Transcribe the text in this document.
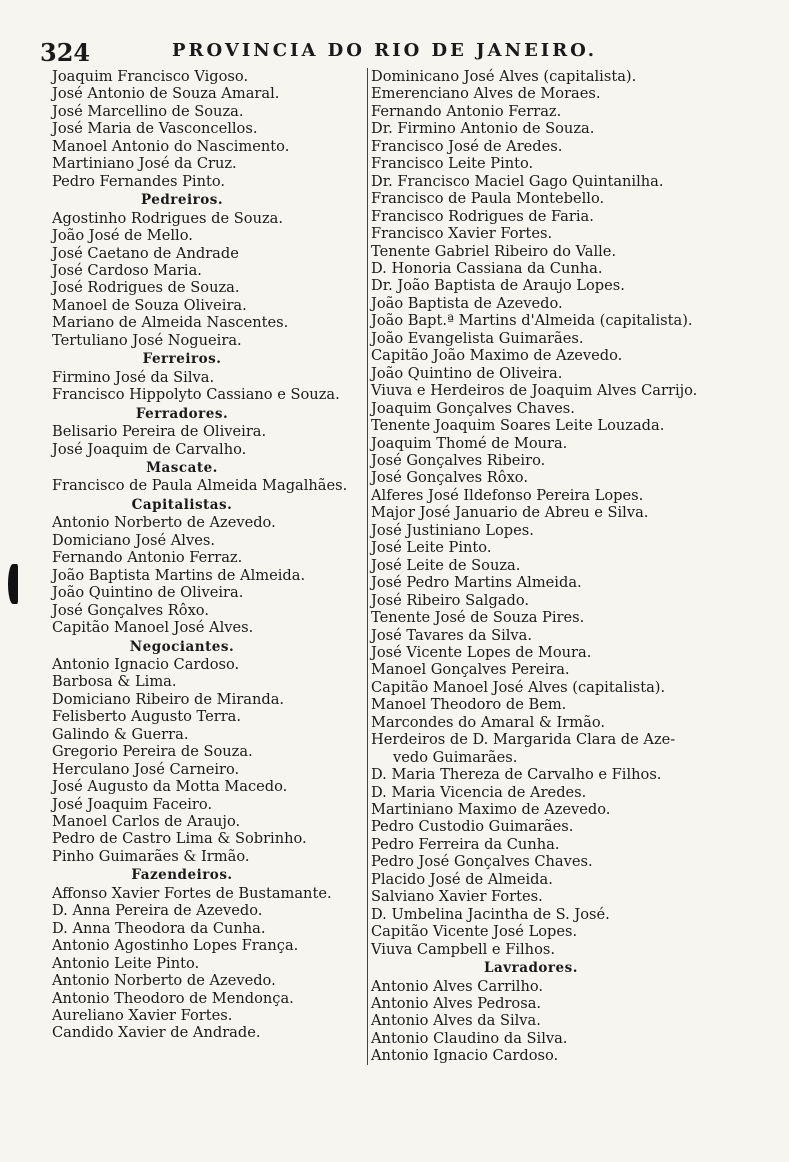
324	PROVINCIA DO RIO DE JANEIRO.
Joaquim Francisco Vigoso.
José Antonio de Souza Amaral.
José Marcellino de Souza.
José Maria de Vasconcellos.
Manoel Antonio do Nascimento.
Martiniano José da Cruz.
Pedro Fernandes Pinto.
Pedreiros.
Agostinho Rodrigues de Souza.
João José de Mello.
José Caetano de Andrade
José Cardoso Maria.
José Rodrigues de Souza.
Manoel de Souza Oliveira.
Mariano de Almeida Nascentes.
Tertuliano José Nogueira.
Ferreiros.
Firmino José da Silva.
Francisco Hippolyto Cassiano e Souza.
Ferradores.
Belisario Pereira de Oliveira.
José Joaquim de Carvalho.
Mascate.
Francisco de Paula Almeida Magalhães.
Capitalistas.
Antonio Norberto de Azevedo.
Domiciano José Alves.
Fernando Antonio Ferraz.
João Baptista Martins de Almeida.
João Quintino de Oliveira.
José Gonçalves Rôxo.
Capitão Manoel José Alves.
Negociantes.
Antonio Ignacio Cardoso.
Barbosa & Lima.
Domiciano Ribeiro de Miranda.
Felisberto Augusto Terra.
Galindo & Guerra.
Gregorio Pereira de Souza.
Herculano José Carneiro.
José Augusto da Motta Macedo.
José Joaquim Faceiro.
Manoel Carlos de Araujo.
Pedro de Castro Lima & Sobrinho.
Pinho Guimarães & Irmão.
Fazendeiros.
Affonso Xavier Fortes de Bustamante.
D. Anna Pereira de Azevedo.
D. Anna Theodora da Cunha.
Antonio Agostinho Lopes França.
Antonio Leite Pinto.
Antonio Norberto de Azevedo.
Antonio Theodoro de Mendonça.
Aureliano Xavier Fortes.
Candido Xavier de Andrade.
Dominicano José Alves (capitalista).
Emerenciano Alves de Moraes.
Fernando Antonio Ferraz.
Dr. Firmino Antonio de Souza.
Francisco José de Aredes.
Francisco Leite Pinto.
Dr. Francisco Maciel Gago Quintanilha.
Francisco de Paula Montebello.
Francisco Rodrigues de Faria.
Francisco Xavier Fortes.
Tenente Gabriel Ribeiro do Valle.
D. Honoria Cassiana da Cunha.
Dr. João Baptista de Araujo Lopes.
João Baptista de Azevedo.
João Bapt.ª Martins d'Almeida (capitalista).
João Evangelista Guimarães.
Capitão João Maximo de Azevedo.
João Quintino de Oliveira.
Viuva e Herdeiros de Joaquim Alves Carrijo.
Joaquim Gonçalves Chaves.
Tenente Joaquim Soares Leite Louzada.
Joaquim Thomé de Moura.
José Gonçalves Ribeiro.
José Gonçalves Rôxo.
Alferes José Ildefonso Pereira Lopes.
Major José Januario de Abreu e Silva.
José Justiniano Lopes.
José Leite Pinto.
José Leite de Souza.
José Pedro Martins Almeida.
José Ribeiro Salgado.
Tenente José de Souza Pires.
José Tavares da Silva.
José Vicente Lopes de Moura.
Manoel Gonçalves Pereira.
Capitão Manoel José Alves (capitalista).
Manoel Theodoro de Bem.
Marcondes do Amaral & Irmão.
Herdeiros de D. Margarida Clara de Aze-
vedo Guimarães.
D. Maria Thereza de Carvalho e Filhos.
D. Maria Vicencia de Aredes.
Martiniano Maximo de Azevedo.
Pedro Custodio Guimarães.
Pedro Ferreira da Cunha.
Pedro José Gonçalves Chaves.
Placido José de Almeida.
Salviano Xavier Fortes.
D. Umbelina Jacintha de S. José.
Capitão Vicente José Lopes.
Viuva Campbell e Filhos.
Lavradores.
Antonio Alves Carrilho.
Antonio Alves Pedrosa.
Antonio Alves da Silva.
Antonio Claudino da Silva.
Antonio Ignacio Cardoso.
